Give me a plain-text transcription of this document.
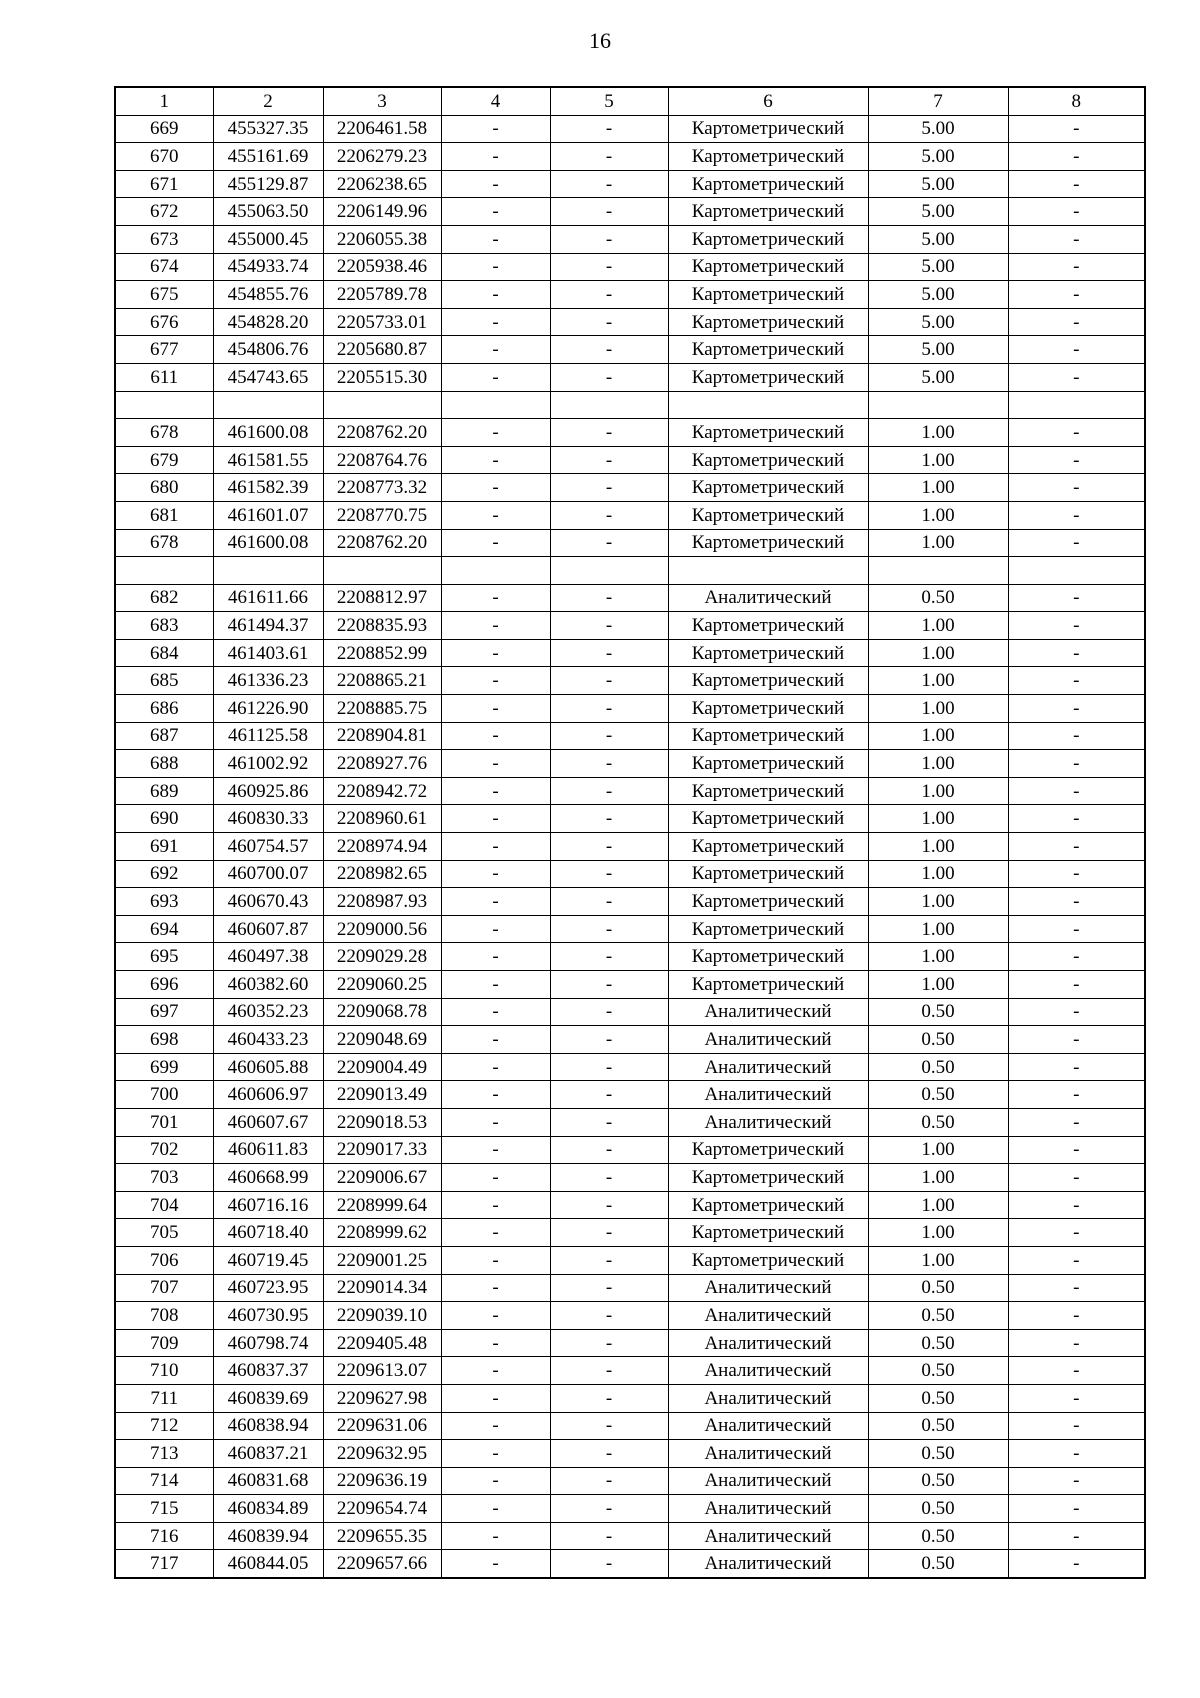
16
1	2	3	4	5	6	7	8
669	455327.35	2206461.58	-	-	Картометрический	5.00	-
670	455161.69	2206279.23	-	-	Картометрический	5.00	-
671	455129.87	2206238.65	-	-	Картометрический	5.00	-
672	455063.50	2206149.96	-	-	Картометрический	5.00	-
673	455000.45	2206055.38	-	-	Картометрический	5.00	-
674	454933.74	2205938.46	-	-	Картометрический	5.00	-
675	454855.76	2205789.78	-	-	Картометрический	5.00	-
676	454828.20	2205733.01	-	-	Картометрический	5.00	-
677	454806.76	2205680.87	-	-	Картометрический	5.00	-
611	454743.65	2205515.30	-	-	Картометрический	5.00	-

678	461600.08	2208762.20	-	-	Картометрический	1.00	-
679	461581.55	2208764.76	-	-	Картометрический	1.00	-
680	461582.39	2208773.32	-	-	Картометрический	1.00	-
681	461601.07	2208770.75	-	-	Картометрический	1.00	-
678	461600.08	2208762.20	-	-	Картометрический	1.00	-

682	461611.66	2208812.97	-	-	Аналитический	0.50	-
683	461494.37	2208835.93	-	-	Картометрический	1.00	-
684	461403.61	2208852.99	-	-	Картометрический	1.00	-
685	461336.23	2208865.21	-	-	Картометрический	1.00	-
686	461226.90	2208885.75	-	-	Картометрический	1.00	-
687	461125.58	2208904.81	-	-	Картометрический	1.00	-
688	461002.92	2208927.76	-	-	Картометрический	1.00	-
689	460925.86	2208942.72	-	-	Картометрический	1.00	-
690	460830.33	2208960.61	-	-	Картометрический	1.00	-
691	460754.57	2208974.94	-	-	Картометрический	1.00	-
692	460700.07	2208982.65	-	-	Картометрический	1.00	-
693	460670.43	2208987.93	-	-	Картометрический	1.00	-
694	460607.87	2209000.56	-	-	Картометрический	1.00	-
695	460497.38	2209029.28	-	-	Картометрический	1.00	-
696	460382.60	2209060.25	-	-	Картометрический	1.00	-
697	460352.23	2209068.78	-	-	Аналитический	0.50	-
698	460433.23	2209048.69	-	-	Аналитический	0.50	-
699	460605.88	2209004.49	-	-	Аналитический	0.50	-
700	460606.97	2209013.49	-	-	Аналитический	0.50	-
701	460607.67	2209018.53	-	-	Аналитический	0.50	-
702	460611.83	2209017.33	-	-	Картометрический	1.00	-
703	460668.99	2209006.67	-	-	Картометрический	1.00	-
704	460716.16	2208999.64	-	-	Картометрический	1.00	-
705	460718.40	2208999.62	-	-	Картометрический	1.00	-
706	460719.45	2209001.25	-	-	Картометрический	1.00	-
707	460723.95	2209014.34	-	-	Аналитический	0.50	-
708	460730.95	2209039.10	-	-	Аналитический	0.50	-
709	460798.74	2209405.48	-	-	Аналитический	0.50	-
710	460837.37	2209613.07	-	-	Аналитический	0.50	-
711	460839.69	2209627.98	-	-	Аналитический	0.50	-
712	460838.94	2209631.06	-	-	Аналитический	0.50	-
713	460837.21	2209632.95	-	-	Аналитический	0.50	-
714	460831.68	2209636.19	-	-	Аналитический	0.50	-
715	460834.89	2209654.74	-	-	Аналитический	0.50	-
716	460839.94	2209655.35	-	-	Аналитический	0.50	-
717	460844.05	2209657.66	-	-	Аналитический	0.50	-
